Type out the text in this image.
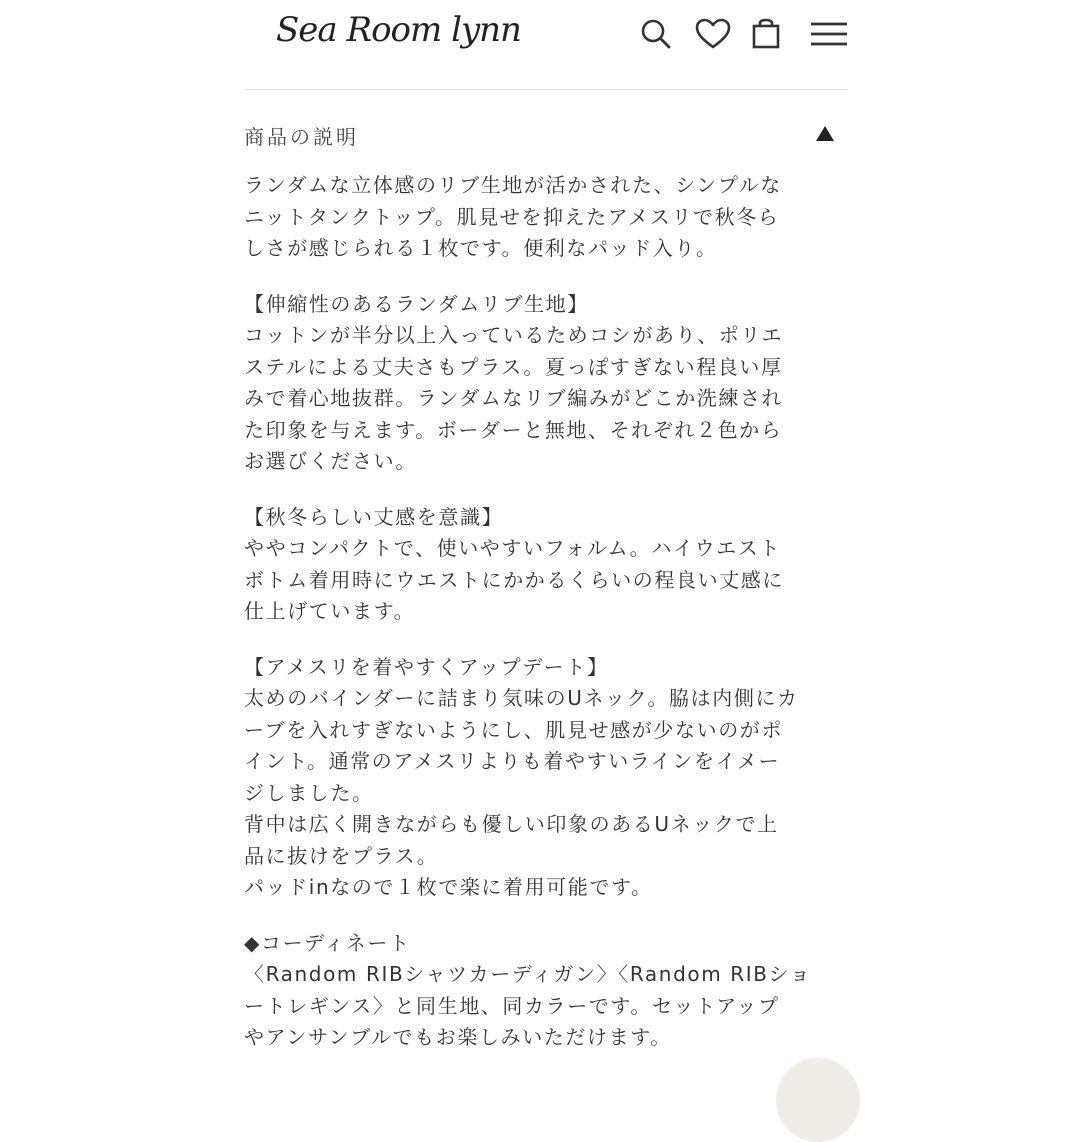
Sea Room lynn
商品の説明

ランダムな立体感のリブ生地が活かされた、シンプルな
ニットタンクトップ。肌見せを抑えたアメスリで秋冬ら
しさが感じられる１枚です。便利なパッド入り。

【伸縮性のあるランダムリブ生地】
コットンが半分以上入っているためコシがあり、ポリエ
ステルによる丈夫さもプラス。夏っぽすぎない程良い厚
みで着心地抜群。ランダムなリブ編みがどこか洗練され
た印象を与えます。ボーダーと無地、それぞれ２色から
お選びください。

【秋冬らしい丈感を意識】
ややコンパクトで、使いやすいフォルム。ハイウエスト
ボトム着用時にウエストにかかるくらいの程良い丈感に
仕上げています。

【アメスリを着やすくアップデート】
太めのバインダーに詰まり気味のUネック。脇は内側にカ
ーブを入れすぎないようにし、肌見せ感が少ないのがポ
イント。通常のアメスリよりも着やすいラインをイメー
ジしました。
背中は広く開きながらも優しい印象のあるUネックで上
品に抜けをプラス。
パッドinなので１枚で楽に着用可能です。

◆コーディネート
〈Random RIBシャツカーディガン〉〈Random RIBショ
ートレギンス〉と同生地、同カラーです。セットアップ
やアンサンブルでもお楽しみいただけます。
